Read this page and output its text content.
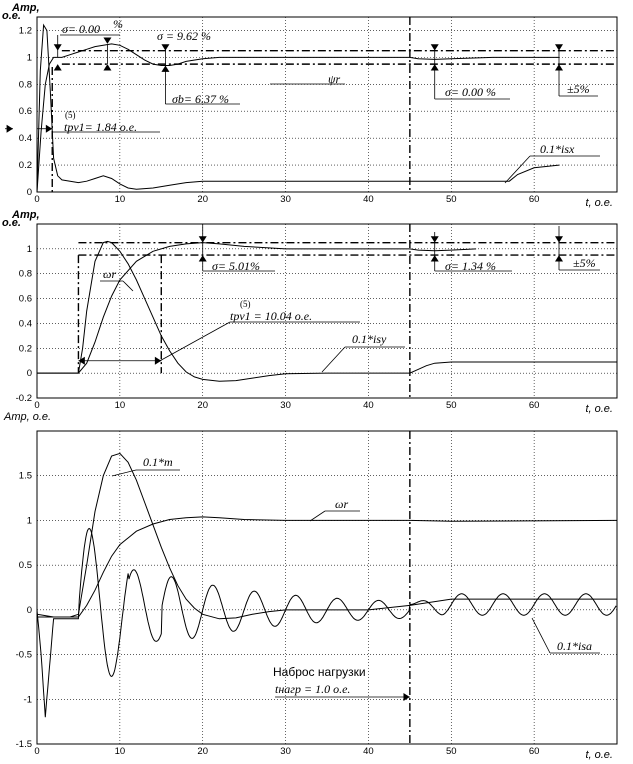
0	10	20	30	40	50	60
0
0.2
0.4
0.6
0.8
1
1.2
Amp,
о.е.
t, о.е.
σ= 0.00 %
σ = 9.62 %
σb= 6.37 %
ψr
σ= 0.00 %	±5%
(5)
tpv1= 1.84 о.е.
0.1*isx
0	10	20	30	40	50	60
-0.2
0
0.2
0.4
0.6
0.8
1
Amp,
о.е.
t, о.е.
σ= 5.01%	σ= 1.34 %	±5%
ωr
(5)
tpv1 = 10.04 о.е.
0.1*isy
0	10	20	30	40	50	60
-1.5
-1
-0.5
0
0.5
1
1.5
Amp, о.е.
t, о.е.
0.1*m
ωr
0.1*isa
Наброс нагрузки
tнагр = 1.0 о.е.
